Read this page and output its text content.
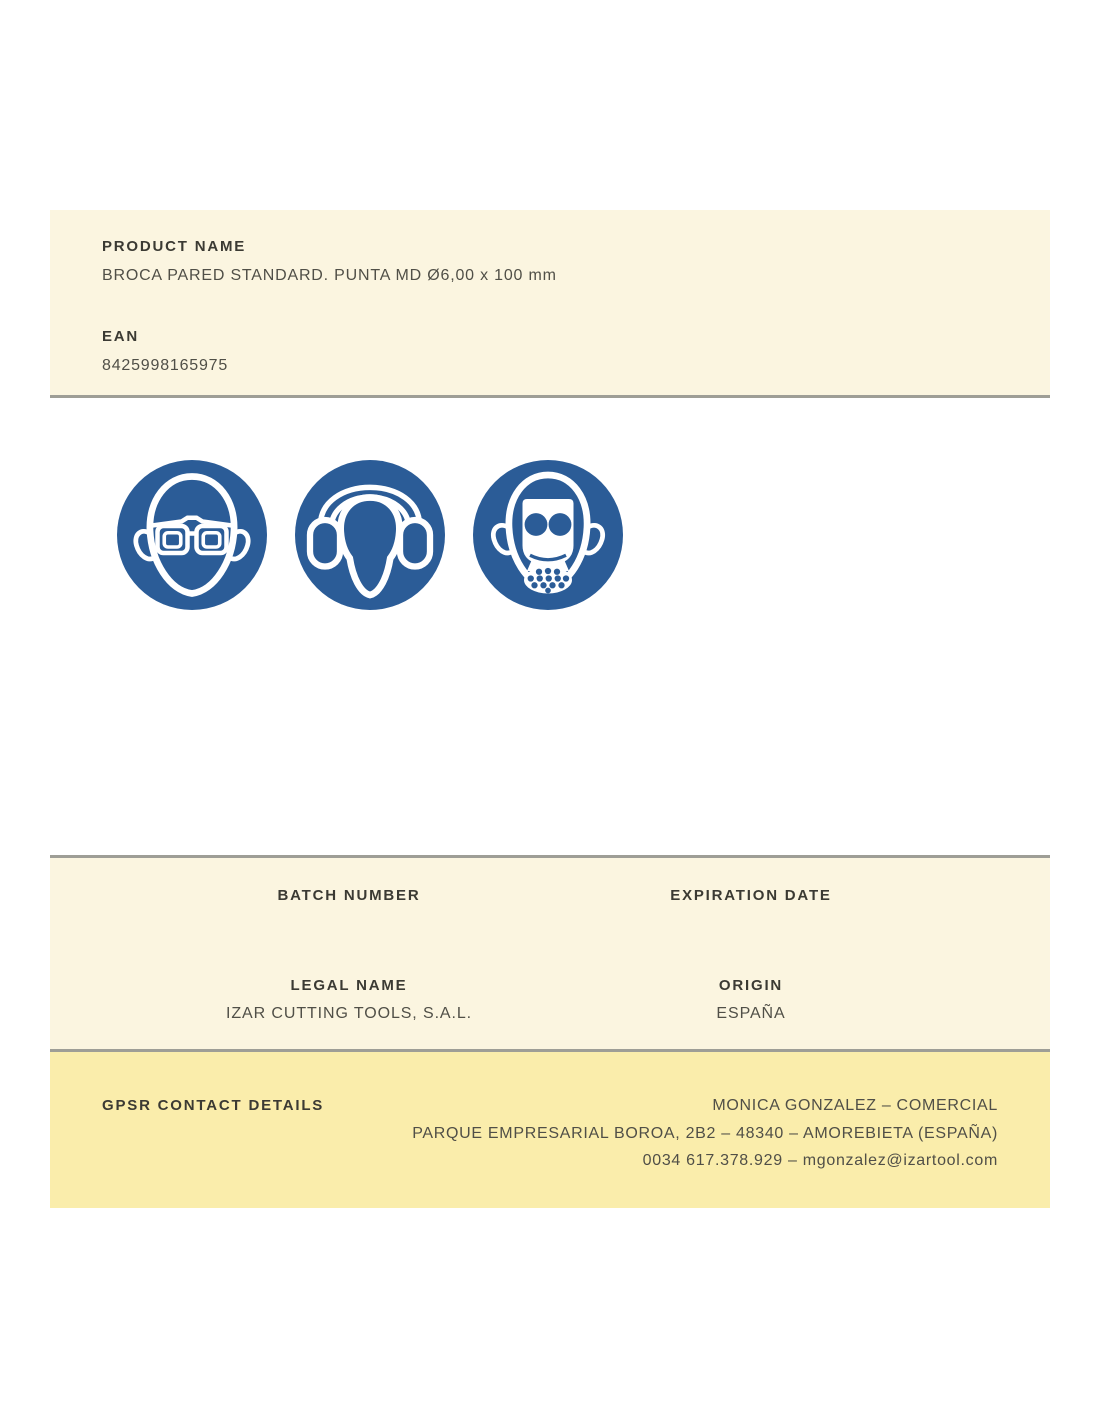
PRODUCT NAME
BROCA PARED STANDARD. PUNTA MD Ø6,00 x 100 mm
EAN
8425998165975
BATCH NUMBER
LEGAL NAME
IZAR CUTTING TOOLS, S.A.L.
EXPIRATION DATE
ORIGIN
ESPAÑA
GPSR CONTACT DETAILS	MONICA GONZALEZ – COMERCIAL
PARQUE EMPRESARIAL BOROA, 2B2 – 48340 – AMOREBIETA (ESPAÑA)
0034 617.378.929 – mgonzalez@izartool.com
